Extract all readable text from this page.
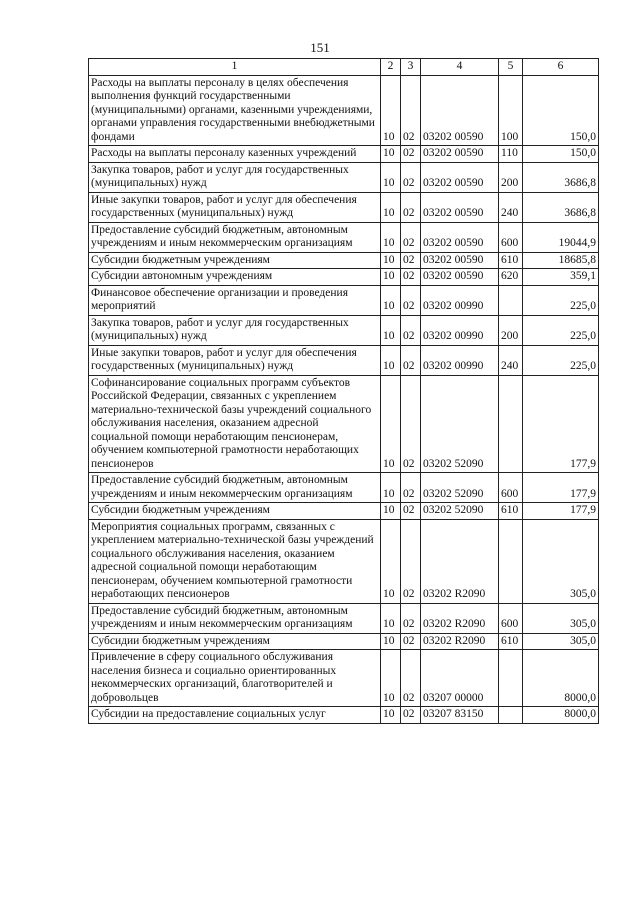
151
1	2	3	4	5	6
Расходы на выплаты персоналу в целях обеспечения выполнения функций государственными (муниципальными) органами, казенными учреждениями, органами управления государственными внебюджетными фондами	10	02	03202 00590	100	150,0
Расходы на выплаты персоналу казенных учреждений	10	02	03202 00590	110	150,0
Закупка товаров, работ и услуг для государственных (муниципальных) нужд	10	02	03202 00590	200	3686,8
Иные закупки товаров, работ и услуг для обеспечения государственных (муниципальных) нужд	10	02	03202 00590	240	3686,8
Предоставление субсидий бюджетным, автономным учреждениям и иным некоммерческим организациям	10	02	03202 00590	600	19044,9
Субсидии бюджетным учреждениям	10	02	03202 00590	610	18685,8
Субсидии автономным учреждениям	10	02	03202 00590	620	359,1
Финансовое обеспечение организации и проведения мероприятий	10	02	03202 00990		225,0
Закупка товаров, работ и услуг для государственных (муниципальных) нужд	10	02	03202 00990	200	225,0
Иные закупки товаров, работ и услуг для обеспечения государственных (муниципальных) нужд	10	02	03202 00990	240	225,0
Софинансирование социальных программ субъектов Российской Федерации, связанных с укреплением материально-технической базы учреждений социального обслуживания населения, оказанием адресной социальной помощи неработающим пенсионерам, обучением компьютерной грамотности неработающих пенсионеров	10	02	03202 52090		177,9
Предоставление субсидий бюджетным, автономным учреждениям и иным некоммерческим организациям	10	02	03202 52090	600	177,9
Субсидии бюджетным учреждениям	10	02	03202 52090	610	177,9
Мероприятия социальных программ, связанных с укреплением материально-технической базы учреждений социального обслуживания населения, оказанием адресной социальной помощи неработающим пенсионерам, обучением компьютерной грамотности неработающих пенсионеров	10	02	03202 R2090		305,0
Предоставление субсидий бюджетным, автономным учреждениям и иным некоммерческим организациям	10	02	03202 R2090	600	305,0
Субсидии бюджетным учреждениям	10	02	03202 R2090	610	305,0
Привлечение в сферу социального обслуживания населения бизнеса и социально ориентированных некоммерческих организаций, благотворителей и добровольцев	10	02	03207 00000		8000,0
Субсидии на предоставление социальных услуг	10	02	03207 83150		8000,0
